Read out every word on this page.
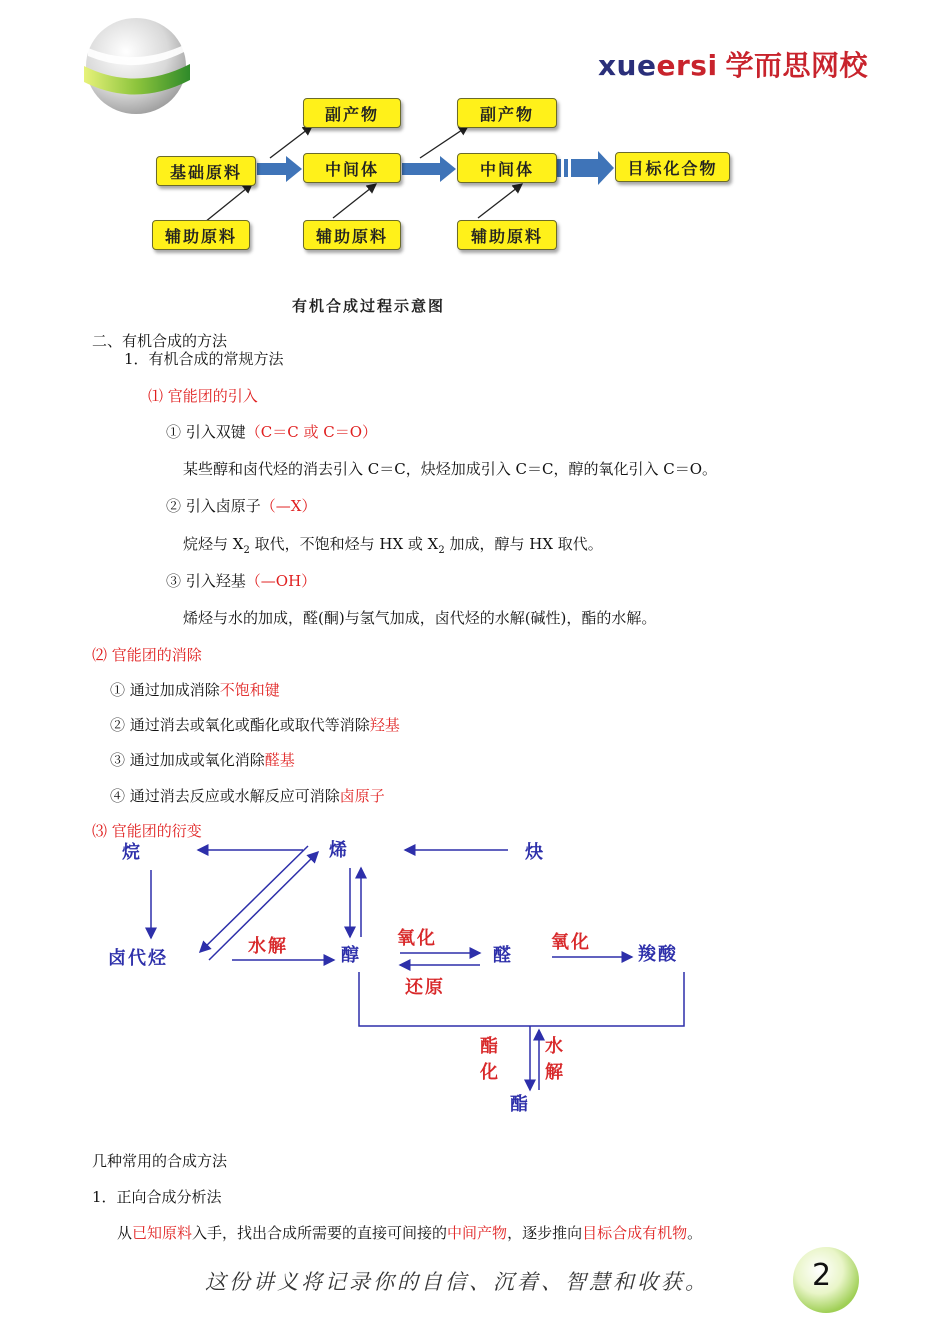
xueersi 学而思网校
副产物	副产物
基础原料	中间体	中间体	目标化合物
辅助原料	辅助原料	辅助原料
有机合成过程示意图
二、有机合成的方法
1．有机合成的常规方法
⑴ 官能团的引入
① 引入双键（C＝C 或 C＝O）
某些醇和卤代烃的消去引入 C＝C，炔烃加成引入 C＝C，醇的氧化引入 C＝O。
② 引入卤原子（—X）
烷烃与 $X_2$ 取代，不饱和烃与 HX 或 $X_2$ 加成，醇与 HX 取代。
③ 引入羟基（—OH）
烯烃与水的加成，醛(酮)与氢气加成，卤代烃的水解(碱性)，酯的水解。
⑵ 官能团的消除
① 通过加成消除不饱和键
② 通过消去或氧化或酯化或取代等消除羟基
③ 通过加成或氧化消除醛基
④ 通过消去反应或水解反应可消除卤原子
⑶ 官能团的衍变
烷	烯	炔
卤代烃
水解	醇
氧化
还原
醛
氧化
羧酸
酯
化
水
解
酯
几种常用的合成方法
1．正向合成分析法
从已知原料入手，找出合成所需要的直接可间接的中间产物，逐步推向目标合成有机物。
这份讲义将记录你的自信、沉着、智慧和收获。	2
